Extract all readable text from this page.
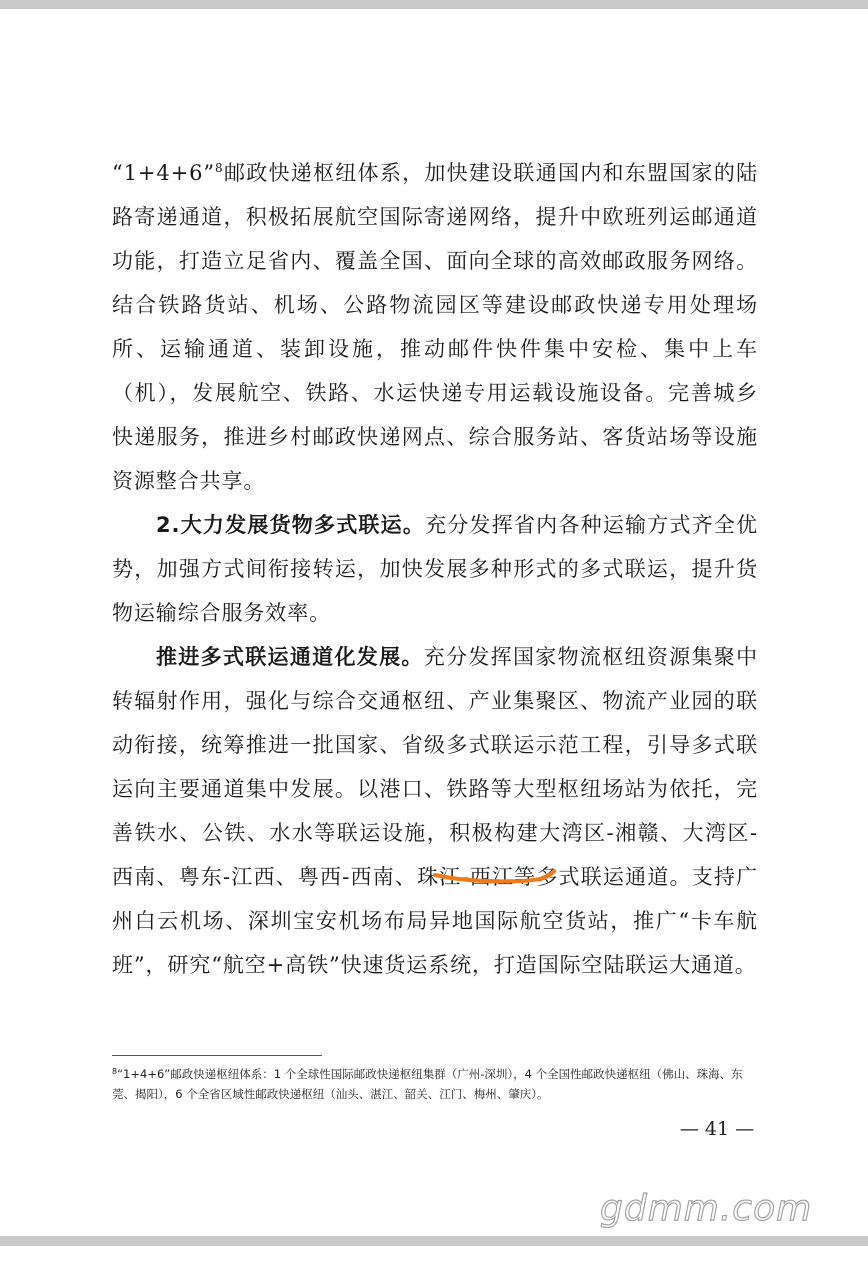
“1+4+6”$^8$邮政快递枢纽体系，加快建设联通国内和东盟国家的陆路寄递通道，积极拓展航空国际寄递网络，提升中欧班列运邮通道功能，打造立足省内、覆盖全国、面向全球的高效邮政服务网络。结合铁路货站、机场、公路物流园区等建设邮政快递专用处理场所、运输通道、装卸设施，推动邮件快件集中安检、集中上车（机），发展航空、铁路、水运快递专用运载设施设备。完善城乡快递服务，推进乡村邮政快递网点、综合服务站、客货站场等设施资源整合共享。

2.大力发展货物多式联运。充分发挥省内各种运输方式齐全优势，加强方式间衔接转运，加快发展多种形式的多式联运，提升货物运输综合服务效率。

推进多式联运通道化发展。充分发挥国家物流枢纽资源集聚中转辐射作用，强化与综合交通枢纽、产业集聚区、物流产业园的联动衔接，统筹推进一批国家、省级多式联运示范工程，引导多式联运向主要通道集中发展。以港口、铁路等大型枢纽场站为依托，完善铁水、公铁、水水等联运设施，积极构建大湾区-湘赣、大湾区-西南、粤东-江西、粤西-西南、珠江-西江等多式联运通道。支持广州白云机场、深圳宝安机场布局异地国际航空货站，推广“卡车航班”，研究“航空+高铁”快速货运系统，打造国际空陆联运大通道。

$^8$“1+4+6”邮政快递枢纽体系：1 个全球性国际邮政快递枢纽集群（广州-深圳），4 个全国性邮政快递枢纽（佛山、珠海、东莞、揭阳），6 个全省区域性邮政快递枢纽（汕头、湛江、韶关、江门、梅州、肇庆）。
— 41 —
gdmm.com
